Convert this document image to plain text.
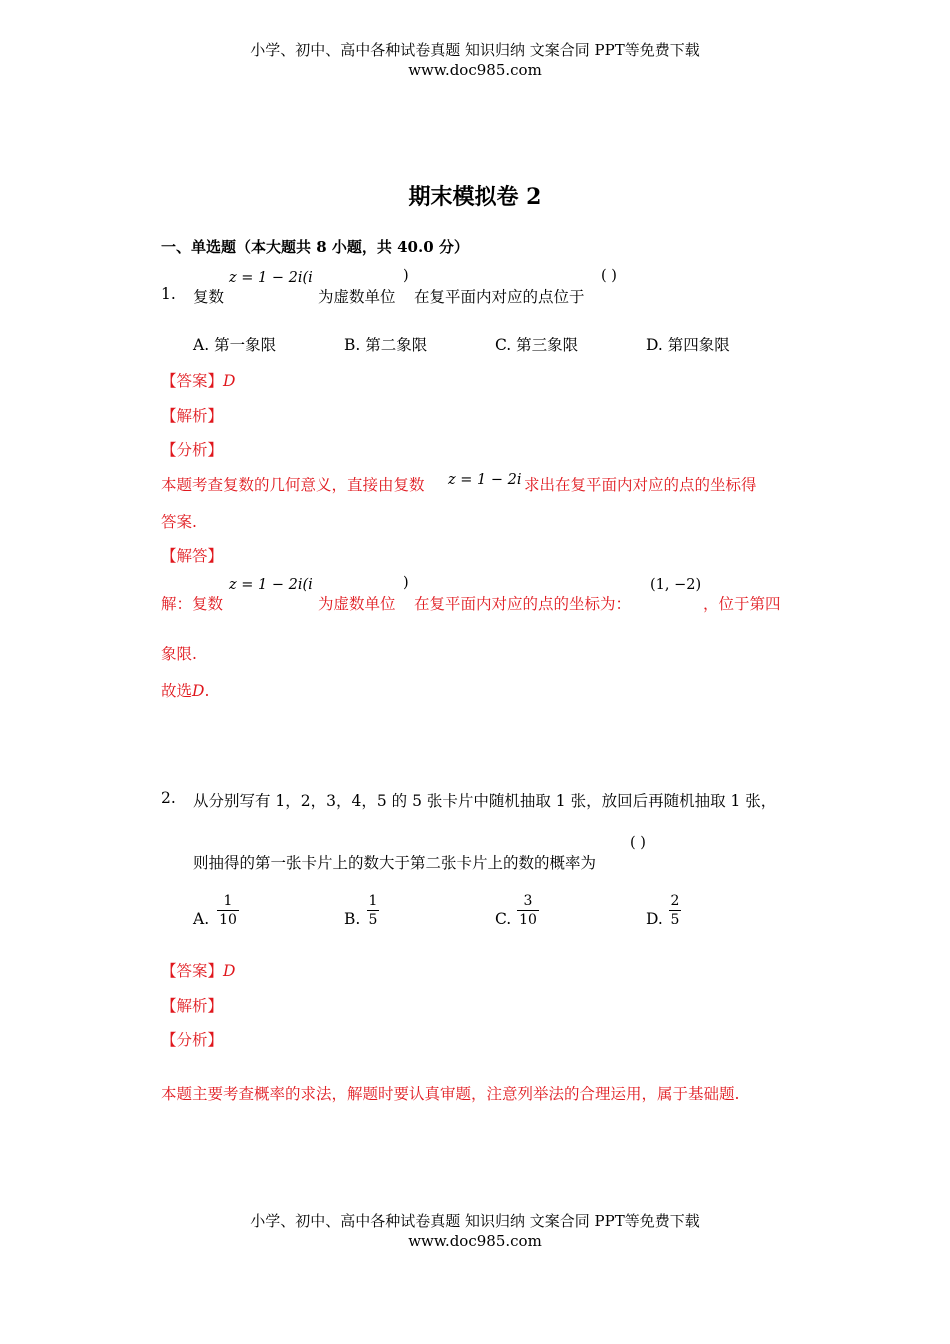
小学、初中、高中各种试卷真题 知识归纳 文案合同 PPT等免费下载
www.doc985.com
期末模拟卷 2
一、单选题（本大题共 8 小题，共 40.0 分）
1. 复数
z = 1 − 2i(i
为虚数单位
)
在复平面内对应的点位于
( )
A. 第一象限	B. 第二象限	C. 第三象限	D. 第四象限
【答案】D
【解析】
【分析】
本题考查复数的几何意义，直接由复数 z = 1 − 2i 求出在复平面内对应的点的坐标得
答案.
【解答】
解：复数
z = 1 − 2i(i
为虚数单位
)
在复平面内对应的点的坐标为：
(1, −2)
，位于第四
象限.
故选D.
2. 从分别写有 1，2，3，4，5 的 5 张卡片中随机抽取 1 张，放回后再随机抽取 1 张，
则抽得的第一张卡片上的数大于第二张卡片上的数的概率为
( )
A.
1
10	B.
1
5	C.
3
10	D.
2
5
【答案】D
【解析】
【分析】
本题主要考查概率的求法，解题时要认真审题，注意列举法的合理运用，属于基础题.
小学、初中、高中各种试卷真题 知识归纳 文案合同 PPT等免费下载
www.doc985.com
